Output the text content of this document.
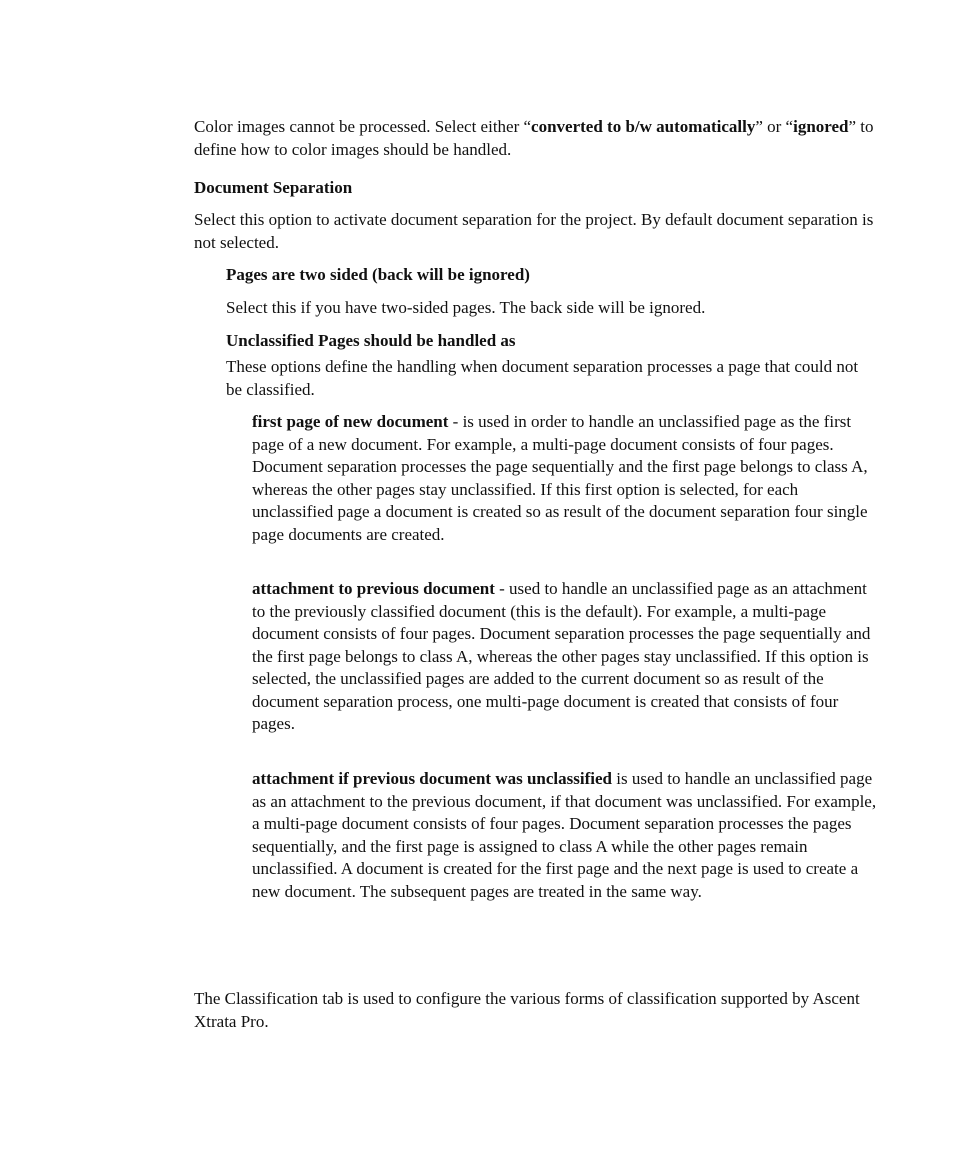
Color images cannot be processed. Select either “converted to b/w automatically” or “ignored” to define how to color images should be handled.

Document Separation

Select this option to activate document separation for the project. By default document separation is not selected.

Pages are two sided (back will be ignored)

Select this if you have two-sided pages. The back side will be ignored.

Unclassified Pages should be handled as

These options define the handling when document separation processes a page that could not be classified.

first page of new document - is used in order to handle an unclassified page as the first page of a new document. For example, a multi-page document consists of four pages. Document separation processes the page sequentially and the first page belongs to class A, whereas the other pages stay unclassified. If this first option is selected, for each unclassified page a document is created so as result of the document separation four single page documents are created.

attachment to previous document - used to handle an unclassified page as an attachment to the previously classified document (this is the default). For example, a multi-page document consists of four pages. Document separation processes the page sequentially and the first page belongs to class A, whereas the other pages stay unclassified. If this option is selected, the unclassified pages are added to the current document so as result of the document separation process, one multi-page document is created that consists of four pages.

attachment if previous document was unclassified is used to handle an unclassified page as an attachment to the previous document, if that document was unclassified. For example, a multi-page document consists of four pages. Document separation processes the pages sequentially, and the first page is assigned to class A while the other pages remain unclassified. A document is created for the first page and the next page is used to create a new document. The subsequent pages are treated in the same way.

The Classification tab is used to configure the various forms of classification supported by Ascent Xtrata Pro.
